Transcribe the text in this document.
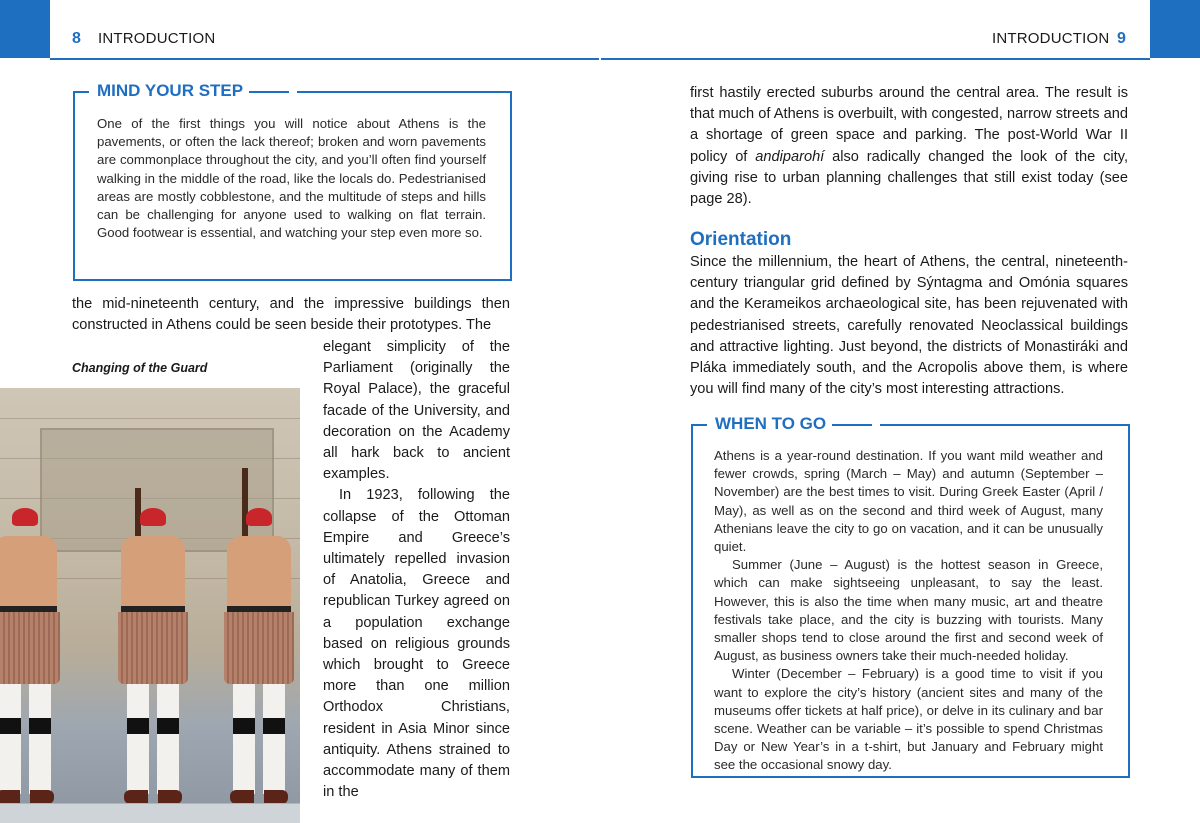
8 INTRODUCTION	INTRODUCTION 9
MIND YOUR STEP

One of the first things you will notice about Athens is the pavements, or often the lack thereof; broken and worn pavements are commonplace throughout the city, and you’ll often find yourself walking in the middle of the road, like the locals do. Pedestrianised areas are mostly cobblestone, and the multitude of steps and hills can be challenging for anyone used to walking on flat terrain. Good footwear is essential, and watching your step even more so.

the mid-nineteenth century, and the impressive buildings then constructed in Athens could be seen beside their prototypes. The

elegant simplicity of the Parliament (originally the Royal Palace), the graceful facade of the University, and decoration on the Academy all hark back to ancient examples.

In 1923, following the collapse of the Ottoman Empire and Greece’s ultimately repelled invasion of Anatolia, Greece and republican Turkey agreed on a population exchange based on religious grounds which brought to Greece more than one million Orthodox Christians, resident in Asia Minor since antiquity. Athens strained to accommodate many of them in the

Changing of the Guard

first hastily erected suburbs around the central area. The result is that much of Athens is overbuilt, with congested, narrow streets and a shortage of green space and parking. The post-World War II policy of andiparohí also radically changed the look of the city, giving rise to urban planning challenges that still exist today (see page 28).

Orientation

Since the millennium, the heart of Athens, the central, nineteenth-century triangular grid defined by Sýntagma and Omónia squares and the Kerameikos archaeological site, has been rejuvenated with pedestrianised streets, carefully renovated Neoclassical buildings and attractive lighting. Just beyond, the districts of Monastiráki and Pláka immediately south, and the Acropolis above them, is where you will find many of the city’s most interesting attractions.

WHEN TO GO

Athens is a year-round destination. If you want mild weather and fewer crowds, spring (March – May) and autumn (September – November) are the best times to visit. During Greek Easter (April / May), as well as on the second and third week of August, many Athenians leave the city to go on vacation, and it can be unusually quiet.

Summer (June – August) is the hottest season in Greece, which can make sightseeing unpleasant, to say the least. However, this is also the time when many music, art and theatre festivals take place, and the city is buzzing with tourists. Many smaller shops tend to close around the first and second week of August, as business owners take their much-needed holiday.

Winter (December – February) is a good time to visit if you want to explore the city’s history (ancient sites and many of the museums offer tickets at half price), or delve in its culinary and bar scene. Weather can be variable – it’s possible to spend Christmas Day or New Year’s in a t-shirt, but January and February might see the occasional snowy day.
